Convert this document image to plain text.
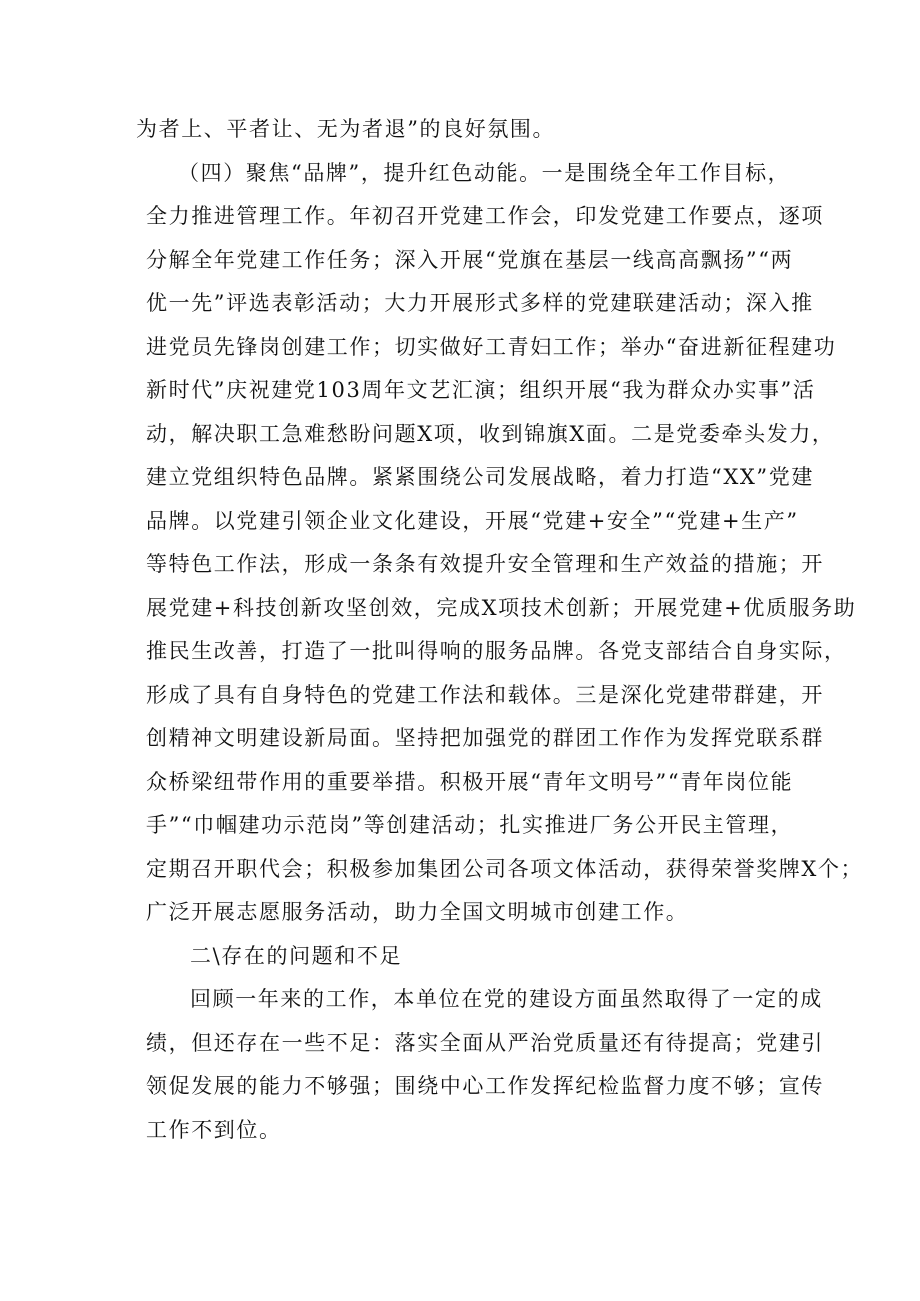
为者上、平者让、无为者退”的良好氛围。
（四）聚焦“品牌”，提升红色动能。一是围绕全年工作目标，
全力推进管理工作。年初召开党建工作会，印发党建工作要点，逐项
分解全年党建工作任务；深入开展“党旗在基层一线高高飘扬”“两
优一先”评选表彰活动；大力开展形式多样的党建联建活动；深入推
进党员先锋岗创建工作；切实做好工青妇工作；举办“奋进新征程建功
新时代”庆祝建党103周年文艺汇演；组织开展“我为群众办实事”活
动，解决职工急难愁盼问题X项，收到锦旗X面。二是党委牵头发力，
建立党组织特色品牌。紧紧围绕公司发展战略，着力打造“XX”党建
品牌。以党建引领企业文化建设，开展“党建+安全”“党建+生产”
等特色工作法，形成一条条有效提升安全管理和生产效益的措施；开
展党建+科技创新攻坚创效，完成X项技术创新；开展党建+优质服务助
推民生改善，打造了一批叫得响的服务品牌。各党支部结合自身实际，
形成了具有自身特色的党建工作法和载体。三是深化党建带群建，开
创精神文明建设新局面。坚持把加强党的群团工作作为发挥党联系群
众桥梁纽带作用的重要举措。积极开展“青年文明号”“青年岗位能
手”“巾帼建功示范岗”等创建活动；扎实推进厂务公开民主管理，
定期召开职代会；积极参加集团公司各项文体活动，获得荣誉奖牌X个；
广泛开展志愿服务活动，助力全国文明城市创建工作。
二\存在的问题和不足
回顾一年来的工作，本单位在党的建设方面虽然取得了一定的成
绩，但还存在一些不足：落实全面从严治党质量还有待提高；党建引
领促发展的能力不够强；围绕中心工作发挥纪检监督力度不够；宣传
工作不到位。
